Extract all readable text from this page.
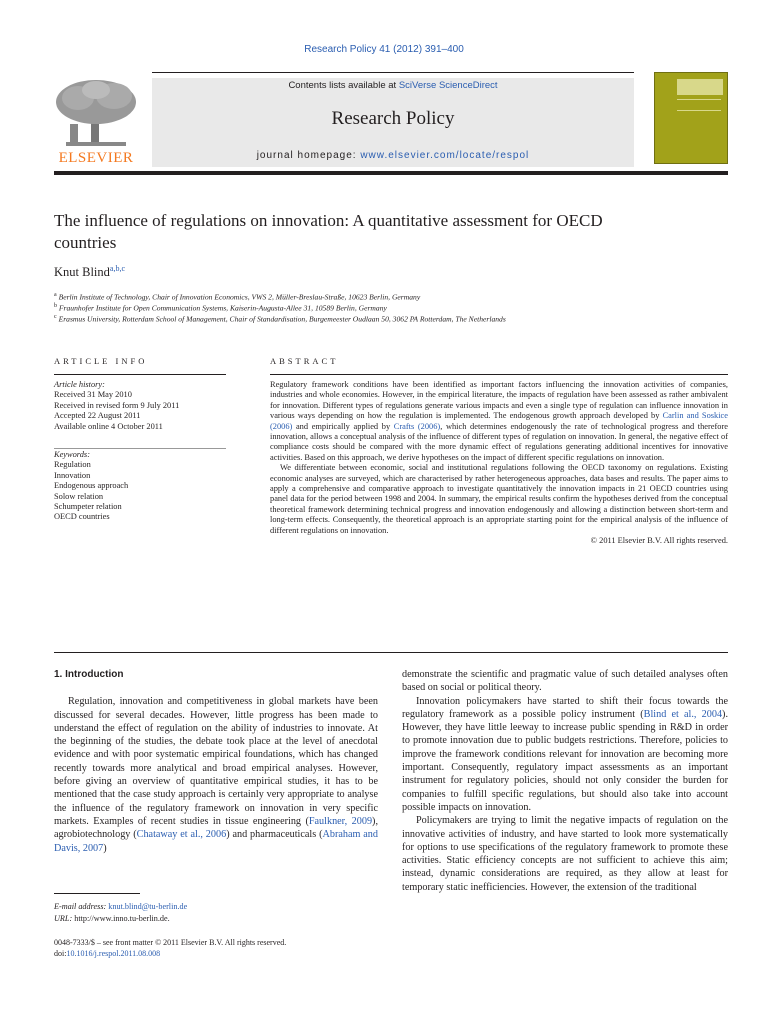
Research Policy 41 (2012) 391–400
ELSEVIER
Contents lists available at SciVerse ScienceDirect
Research Policy
journal homepage: www.elsevier.com/locate/respol
The influence of regulations on innovation: A quantitative assessment for OECD
countries
Knut Blind$^{a,b,c}$
$^a$ Berlin Institute of Technology, Chair of Innovation Economics, VWS 2, Müller-Breslau-Straße, 10623 Berlin, Germany
$^b$ Fraunhofer Institute for Open Communication Systems, Kaiserin-Augusta-Allee 31, 10589 Berlin, Germany
$^c$ Erasmus University, Rotterdam School of Management, Chair of Standardisation, Burgemeester Oudlaan 50, 3062 PA Rotterdam, The Netherlands
ARTICLE INFO	ABSTRACT
Article history:
Received 31 May 2010
Received in revised form 9 July 2011
Accepted 22 August 2011
Available online 4 October 2011
Keywords:
Regulation
Innovation
Endogenous approach
Solow relation
Schumpeter relation
OECD countries

Regulatory framework conditions have been identified as important factors influencing the innovation activities of companies, industries and whole economies. However, in the empirical literature, the impacts of regulation have been assessed as rather ambivalent for innovation. Different types of regulations generate various impacts and even a single type of regulation can influence innovation in various ways depending on how the regulation is implemented. The endogenous growth approach developed by Carlin and Soskice (2006) and empirically applied by Crafts (2006), which determines endogenously the rate of technological progress and therefore innovation, allows a conceptual analysis of the influence of different types of regulation on innovation. In general, the negative effect of compliance costs should be compared with the more dynamic effect of regulations generating additional incentives for innovative activities. Based on this approach, we derive hypotheses on the impact of different specific regulations on innovation.

We differentiate between economic, social and institutional regulations following the OECD taxonomy on regulations. Existing economic analyses are surveyed, which are characterised by rather heterogeneous approaches, data bases and results. The paper aims to apply a comprehensive and comparative approach to investigate quantitatively the innovation impacts in 21 OECD countries using panel data for the period between 1998 and 2004. In summary, the empirical results confirm the hypotheses derived from the conceptual theoretical framework determining technical progress and innovation endogenously and allowing a distinction between short-term and long-term effects. Consequently, the theoretical approach is an appropriate starting point for the empirical analysis of the influence of different regulations on innovation.

© 2011 Elsevier B.V. All rights reserved.

1. Introduction

Regulation, innovation and competitiveness in global markets have been discussed for several decades. However, little progress has been made to understand the effect of regulation on the ability of industries to innovate. At the beginning of the studies, the debate took place at the level of anecdotal evidence and with poor systematic empirical foundations, which has changed recently towards more analytical and broad empirical analyses. However, before giving an overview of quantitative empirical studies, it has to be mentioned that the case study approach is certainly very appropriate to analyse the influence of the regulatory framework on innovation in very specific markets. Examples of recent studies in tissue engineering (Faulkner, 2009), agrobiotechnology (Chataway et al., 2006) and pharmaceuticals (Abraham and Davis, 2007)

demonstrate the scientific and pragmatic value of such detailed analyses often based on social or political theory.

Innovation policymakers have started to shift their focus towards the regulatory framework as a possible policy instrument (Blind et al., 2004). However, they have little leeway to increase public spending in R&D in order to promote innovation due to public budgets restrictions. Therefore, policies to improve the framework conditions relevant for innovation are becoming more important. Consequently, regulatory impact assessments as an important instrument for regulatory policies, should not only consider the burden for companies to fulfill specific regulations, but should also take into account possible impacts on innovation.

Policymakers are trying to limit the negative impacts of regulation on the innovative activities of industry, and have started to look more systematically for options to use specifications of the regulatory framework to promote these activities. Static efficiency concepts are not sufficient to achieve this aim; instead, dynamic considerations are required, as they allow at least for temporary static inefficiencies. However, the extension of the traditional

E-mail address: knut.blind@tu-berlin.de
URL: http://www.inno.tu-berlin.de.
0048-7333/$ – see front matter © 2011 Elsevier B.V. All rights reserved.
doi:10.1016/j.respol.2011.08.008
